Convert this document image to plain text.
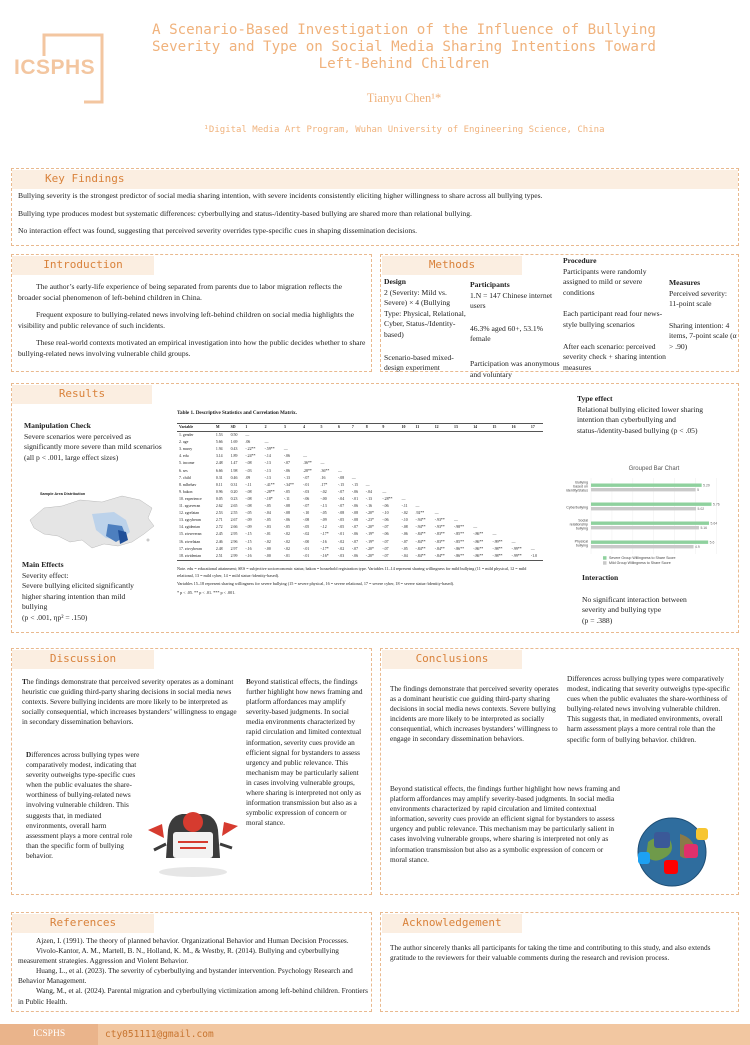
ICSPHS
A Scenario-Based Investigation of the Influence of Bullying Severity and Type on Social Media Sharing Intentions Toward Left-Behind Children
Tianyu Chen¹*
¹Digital Media Art Program, Wuhan University of Engineering Science, China
Key Findings

Bullying severity is the strongest predictor of social media sharing intention, with severe incidents consistently eliciting higher willingness to share across all bullying types.

Bullying type produces modest but systematic differences: cyberbullying and status-/identity-based bullying are shared more than relational bullying.

No interaction effect was found, suggesting that perceived severity overrides type-specific cues in shaping dissemination decisions.

Introduction

The author’s early-life experience of being separated from parents due to labor migration reflects the broader social phenomenon of left-behind children in China.

Frequent exposure to bullying-related news involving left-behind children on social media highlights the visibility and public relevance of such incidents.

These real-world contexts motivated an empirical investigation into how the public decides whether to share bullying-related news involving vulnerable child groups.

Methods

Design

2 (Severity: Mild vs. Severe) × 4 (Bullying Type: Physical, Relational, Cyber, Status-/Identity-based)

Scenario-based mixed-design experiment

Participants

1.N = 147 Chinese internet users

46.3% aged 60+, 53.1% female

Participation was anonymous and voluntary

Procedure

Participants were randomly assigned to mild or severe conditions

Each participant read four news-style bullying scenarios

After each scenario: perceived severity check + sharing intention measures

Measures

Perceived severity: 11-point scale

Sharing intention: 4 items, 7-point scale (α > .90)

Results

Manipulation Check

Severe scenarios were perceived as significantly more severe than mild scenarios

(all p < .001, large effect sizes)

Sample Area Distribution

Main Effects

Severity effect:

Severe bullying elicited significantly higher sharing intention than mild bullying

(p < .001, ηp² = .150)

Table 1. Descriptive Statistics and Correlation Matrix.

Variable	M	SD	1	2	3	4	5	6	7	8	9	10	11	12	13	14	15	16	17
1. gender	1.53	0.50	—																
2. age	5.66	1.69	.06	—															
3. marry	1.94	0.43	-.22**	-.59**	—														
4. edu	3.14	1.89	-.24**	-.14	-.06	—													
5. income	2.48	1.47	-.08	-.13	-.07	.36**	—												
6. ses	6.66	1.98	-.03	-.13	-.06	.28**	.36**	—											
7. child	0.31	0.46	.09	-.13	-.13	-.07	.16	-.08	—										
8. mlbehav	0.11	0.31	-.11	-.41**	-.34**	-.01	.17*	-.15	-.15	—									
9. bakon	0.96	0.20	-.08	-.28**	-.05	-.03	-.02	-.07	-.06	-.04	—								
10. experience	0.05	0.23	-.08	-.18*	-.11	-.06	-.00	-.04	-.01	-.13	-.28**	—							
11. zgseveran	2.62	2.65	-.08	-.05	-.08	-.07	-.13	-.07	-.06	-.16	-.06	-.11	—						
12. zgrelatan	2.53	2.55	-.05	-.04	-.08	-.10	-.05	-.08	-.08	-.20*	-.10	-.02	.92**	—					
13. zgcyberan	2.71	2.67	-.09	-.05	-.06	-.08	-.09	-.05	-.08	-.23*	-.06	-.10	-.94**	-.93**	—				
14. zgidentan	2.72	2.66	-.09	-.03	-.05	-.05	-.12	-.05	-.07	-.20*	-.07	-.08	-.94**	-.93**	-.98**	—			
15. ztvseveran	2.45	2.95	-.15	-.01	-.02	-.02	-.17*	-.01	-.06	-.19*	-.06	-.06	-.84**	-.83**	-.85**	-.86**	—		
16. ztvrelatan	2.46	2.96	-.15	-.02	-.02	-.00	-.16	-.02	-.07	-.19*	-.07	-.07	-.84**	-.83**	-.85**	-.86**	-.99**	—	
17. ztvcyberan	2.48	2.97	-.16	-.00	-.02	-.01	-.17*	-.02	-.07	-.20*	-.07	-.05	-.84**	-.84**	-.86**	-.86**	-.98**	-.99**	—
18. ztvidentan	2.51	2.99	-.16	-.00	-.01	-.01	-.16*	-.03	-.06	-.20*	-.07	-.04	-.84**	-.84**	-.86**	-.86**	-.98**	-.99**	-1.0

Note. edu = educational attainment; SES = subjective socioeconomic status; bakon = household registration type. Variables 11–14 represent sharing willingness for mild bullying (11 = mild physical, 12 = mild relational, 13 = mild cyber, 14 = mild status-/identity-based).

Variables 15–18 represent sharing willingness for severe bullying (15 = severe physical, 16 = severe relational, 17 = severe cyber, 18 = severe status-/identity-based).

* p < .05. ** p < .01. *** p < .001.

Type effect

Relational bullying elicited lower sharing intention than cyberbullying and status-/identity-based bullying (p < .05)

Grouped Bar Chart
Bullying based on identity/status
5.29
5
Cyberbullying
5.76
5.02
Social relationship bullying
5.64
5.16
Physical bullying
5.6
4.9
Severe Group Willingness to Share Score
Mild Group Willingness to Share Score

Interaction

No significant interaction between severity and bullying type

(p = .388)

Discussion

The findings demonstrate that perceived severity operates as a dominant heuristic cue guiding third-party sharing decisions in social media news contexts. Severe bullying incidents are more likely to be interpreted as socially consequential, which increases bystanders’ willingness to engage in secondary dissemination behaviors.

Differences across bullying types were comparatively modest, indicating that severity outweighs type-specific cues when the public evaluates the share-worthiness of bullying-related news involving vulnerable children. This suggests that, in mediated environments, overall harm assessment plays a more central role than the specific form of bullying behavior.

Beyond statistical effects, the findings further highlight how news framing and platform affordances may amplify severity-based judgments. In social media environments characterized by rapid circulation and limited contextual information, severity cues provide an efficient signal for bystanders to assess urgency and public relevance. This mechanism may be particularly salient in cases involving vulnerable groups, where sharing is interpreted not only as information transmission but also as a symbolic expression of concern or moral stance.

Conclusions

The findings demonstrate that perceived severity operates as a dominant heuristic cue guiding third-party sharing decisions in social media news contexts. Severe bullying incidents are more likely to be interpreted as socially consequential, which increases bystanders’ willingness to engage in secondary dissemination behaviors.

Differences across bullying types were comparatively modest, indicating that severity outweighs type-specific cues when the public evaluates the share-worthiness of bullying-related news involving vulnerable children. This suggests that, in mediated environments, overall harm assessment plays a more central role than the specific form of bullying behavior. children.

Beyond statistical effects, the findings further highlight how news framing and platform affordances may amplify severity-based judgments. In social media environments characterized by rapid circulation and limited contextual information, severity cues provide an efficient signal for bystanders to assess urgency and public relevance. This mechanism may be particularly salient in cases involving vulnerable groups, where sharing is interpreted not only as information transmission but also as a symbolic expression of concern or moral stance.

References

Ajzen, I. (1991). The theory of planned behavior. Organizational Behavior and Human Decision Processes.

Vivolo-Kantor, A. M., Martell, B. N., Holland, K. M., & Westby, R. (2014). Bullying and cyberbullying measurement strategies. Aggression and Violent Behavior.

Huang, L., et al. (2023). The severity of cyberbullying and bystander intervention. Psychology Research and Behavior Management.

Wang, M., et al. (2024). Parental migration and cyberbullying victimization among left-behind children. Frontiers in Public Health.

Acknowledgement
The author sincerely thanks all participants for taking the time and contributing to this study, and also extends gratitude to the reviewers for their valuable comments during the research and revision process.
ICSPHS	cty051111@gmail.com
